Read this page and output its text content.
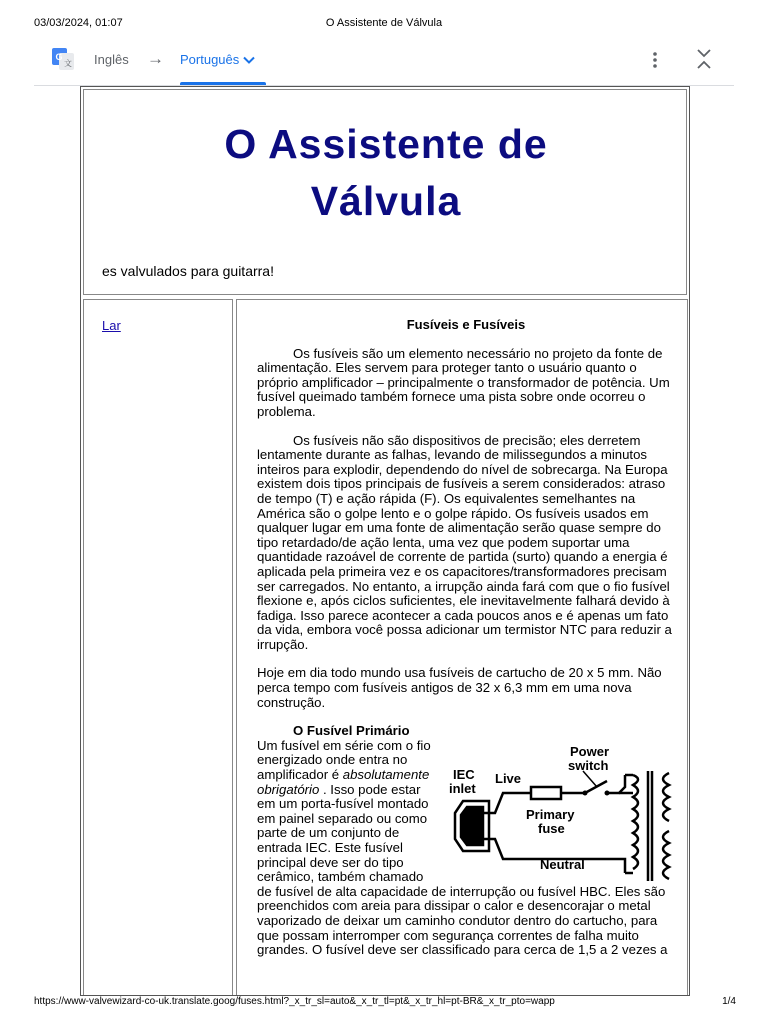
03/03/2024, 01:07	O Assistente de Válvula
G
文 Inglês → Português
O Assistente de
Válvula
es valvulados para guitarra!
Lar	Fusíveis e Fusíveis

Os fusíveis são um elemento necessário no projeto da fonte de alimentação. Eles servem para proteger tanto o usuário quanto o próprio amplificador – principalmente o transformador de potência. Um fusível queimado também fornece uma pista sobre onde ocorreu o problema.

Os fusíveis não são dispositivos de precisão; eles derretem lentamente durante as falhas, levando de milissegundos a minutos inteiros para explodir, dependendo do nível de sobrecarga. Na Europa existem dois tipos principais de fusíveis a serem considerados: atraso de tempo (T) e ação rápida (F). Os equivalentes semelhantes na América são o golpe lento e o golpe rápido. Os fusíveis usados em qualquer lugar em uma fonte de alimentação serão quase sempre do tipo retardado/de ação lenta, uma vez que podem suportar uma quantidade razoável de corrente de partida (surto) quando a energia é aplicada pela primeira vez e os capacitores/transformadores precisam ser carregados. No entanto, a irrupção ainda fará com que o fio fusível flexione e, após ciclos suficientes, ele inevitavelmente falhará devido à fadiga. Isso parece acontecer a cada poucos anos e é apenas um fato da vida, embora você possa adicionar um termistor NTC para reduzir a irrupção.

Hoje em dia todo mundo usa fusíveis de cartucho de 20 x 5 mm. Não perca tempo com fusíveis antigos de 32 x 6,3 mm em uma nova construção.

O Fusível Primário
IEC
inlet
Live
Power
switch
Primary
fuse
Neutral

Um fusível em série com o fio energizado onde entra no amplificador é absolutamente obrigatório . Isso pode estar em um porta-fusível montado em painel separado ou como parte de um conjunto de entrada IEC. Este fusível principal deve ser do tipo cerâmico, também chamado de fusível de alta capacidade de interrupção ou fusível HBC. Eles são preenchidos com areia para dissipar o calor e desencorajar o metal vaporizado de deixar um caminho condutor dentro do cartucho, para que possam interromper com segurança correntes de falha muito grandes. O fusível deve ser classificado para cerca de 1,5 a 2 vezes a

https://www-valvewizard-co-uk.translate.goog/fuses.html?_x_tr_sl=auto&_x_tr_tl=pt&_x_tr_hl=pt-BR&_x_tr_pto=wapp	1/4
